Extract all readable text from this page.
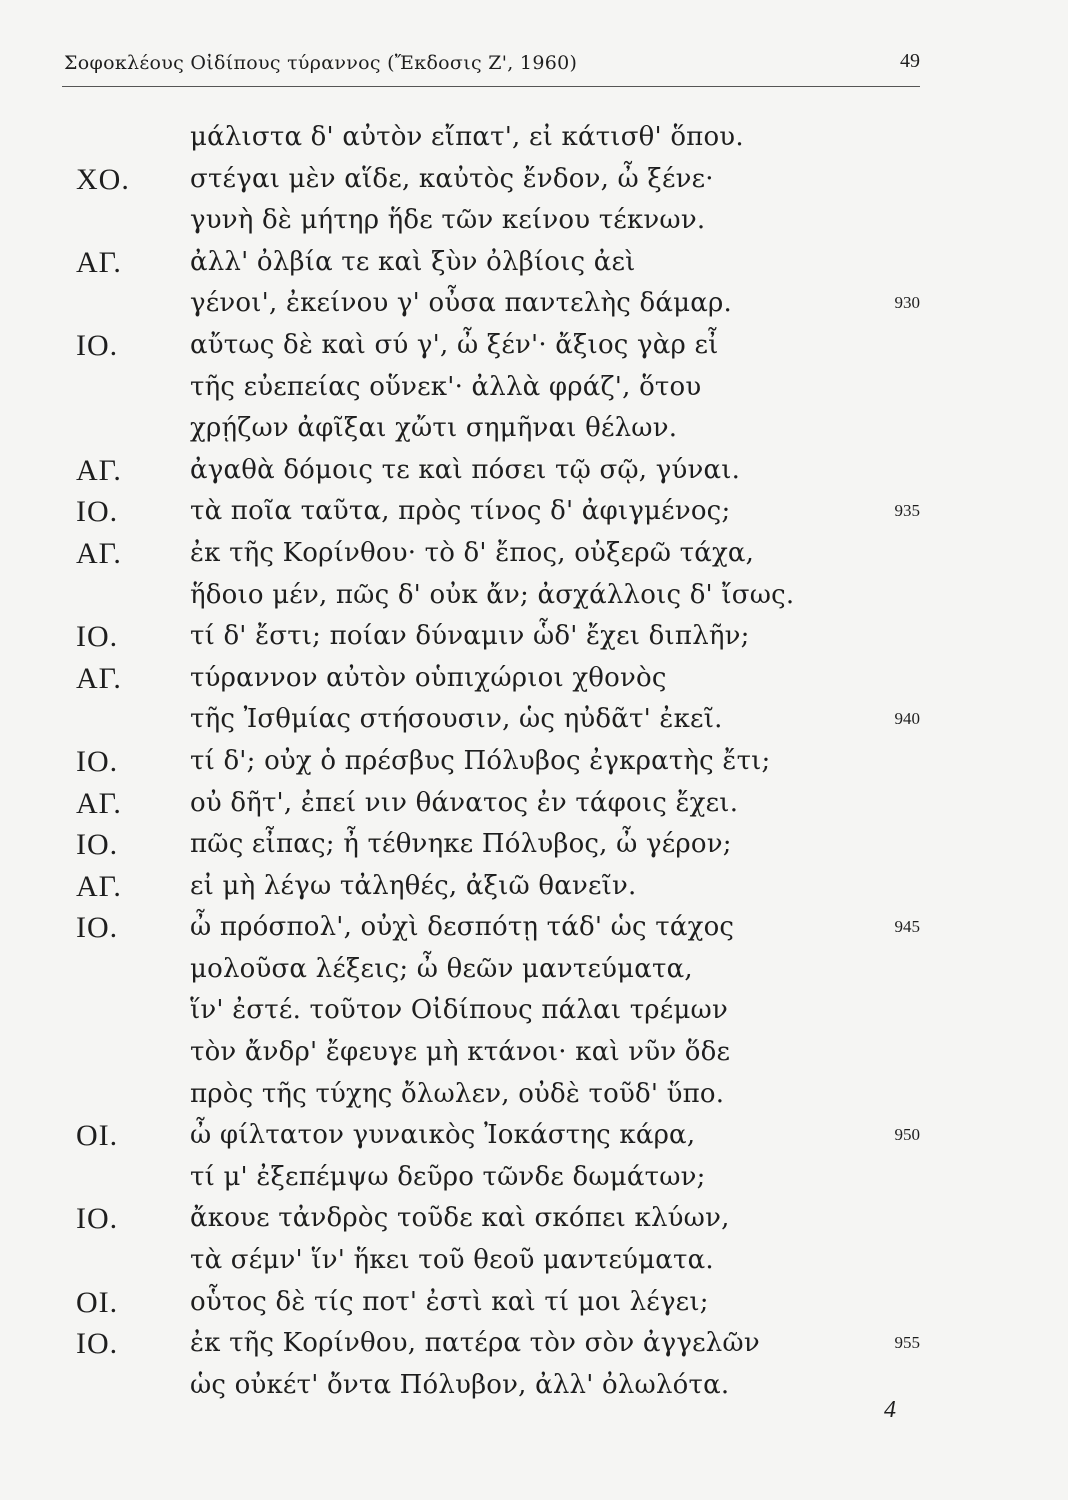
Σοφοκλέους Οἰδίπους τύραννος (Ἔκδοσις Ζ', 1960)	49
μάλιστα δ' αὐτὸν εἴπατ', εἰ κάτισθ' ὅπου.
ΧΟ. στέγαι μὲν αἵδε, καὐτὸς ἔνδον, ὦ ξένε·
γυνὴ δὲ μήτηρ ἥδε τῶν κείνου τέκνων.
ΑΓ.	ἀλλ' ὀλβία τε καὶ ξὺν ὀλβίοις ἀεὶ
γένοι', ἐκείνου γ' οὖσα παντελὴς δάμαρ.	930
ΙΟ.	αὔτως δὲ καὶ σύ γ', ὦ ξέν'· ἄξιος γὰρ εἶ
τῆς εὐεπείας οὕνεκ'· ἀλλὰ φράζ', ὅτου
χρῄζων ἀφῖξαι χὤτι σημῆναι θέλων.
ΑΓ.	ἀγαθὰ δόμοις τε καὶ πόσει τῷ σῷ, γύναι.
ΙΟ.	τὰ ποῖα ταῦτα, πρὸς τίνος δ' ἀφιγμένος;	935
ΑΓ.	ἐκ τῆς Κορίνθου· τὸ δ' ἔπος, οὐξερῶ τάχα,
ἥδοιο μέν, πῶς δ' οὐκ ἄν; ἀσχάλλοις δ' ἴσως.
ΙΟ.	τί δ' ἔστι; ποίαν δύναμιν ὧδ' ἔχει διπλῆν;
ΑΓ.	τύραννον αὐτὸν οὑπιχώριοι χθονὸς
τῆς Ἰσθμίας στήσουσιν, ὡς ηὐδᾶτ' ἐκεῖ.	940
ΙΟ.	τί δ'; οὐχ ὁ πρέσβυς Πόλυβος ἐγκρατὴς ἔτι;
ΑΓ.	οὐ δῆτ', ἐπεί νιν θάνατος ἐν τάφοις ἔχει.
ΙΟ.	πῶς εἶπας; ἦ τέθνηκε Πόλυβος, ὦ γέρον;
ΑΓ.	εἰ μὴ λέγω τἀληθές, ἀξιῶ θανεῖν.
ΙΟ.	ὦ πρόσπολ', οὐχὶ δεσπότῃ τάδ' ὡς τάχος	945
μολοῦσα λέξεις; ὦ θεῶν μαντεύματα,
ἵν' ἐστέ. τοῦτον Οἰδίπους πάλαι τρέμων
τὸν ἄνδρ' ἔφευγε μὴ κτάνοι· καὶ νῦν ὅδε
πρὸς τῆς τύχης ὄλωλεν, οὐδὲ τοῦδ' ὕπο.
ΟΙ.	ὦ φίλτατον γυναικὸς Ἰοκάστης κάρα,	950
τί μ' ἐξεπέμψω δεῦρο τῶνδε δωμάτων;
ΙΟ.	ἄκουε τἀνδρὸς τοῦδε καὶ σκόπει κλύων,
τὰ σέμν' ἵν' ἥκει τοῦ θεοῦ μαντεύματα.
ΟΙ.	οὗτος δὲ τίς ποτ' ἐστὶ καὶ τί μοι λέγει;
ΙΟ.	ἐκ τῆς Κορίνθου, πατέρα τὸν σὸν ἀγγελῶν	955
ὡς οὐκέτ' ὄντα Πόλυβον, ἀλλ' ὀλωλότα.
4
